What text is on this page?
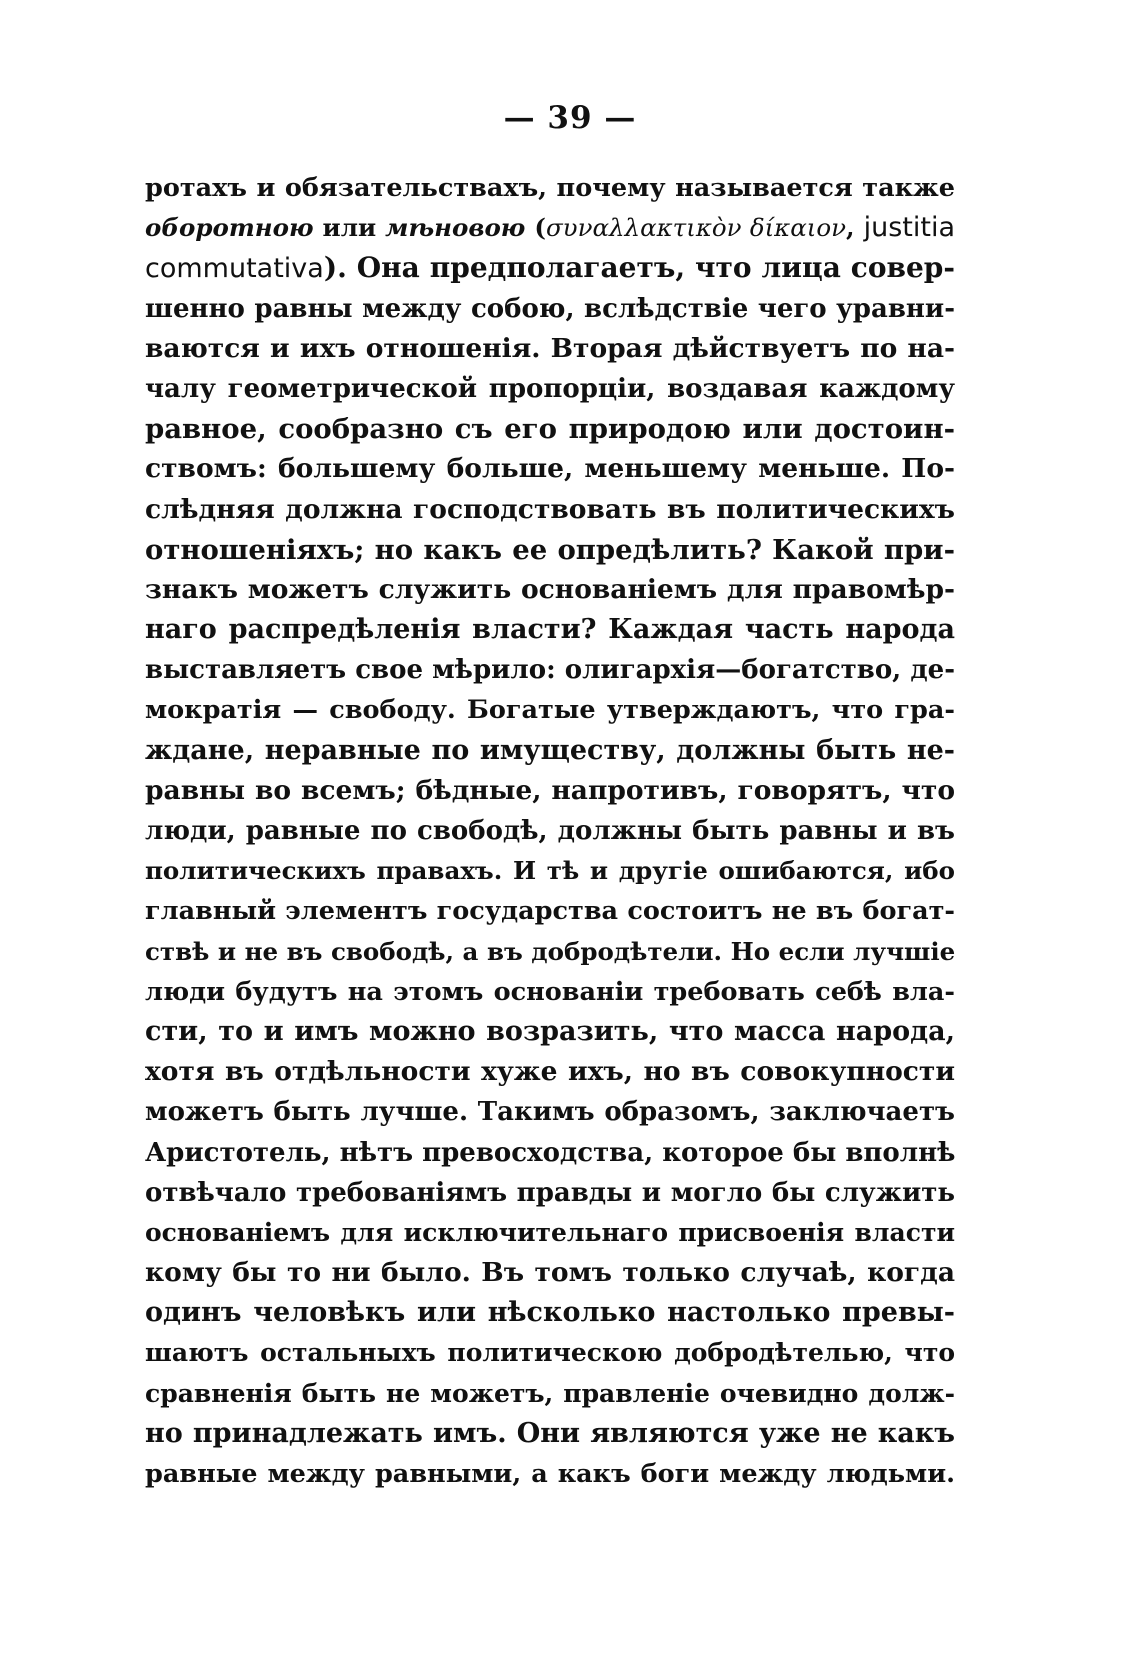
— 39 —
ротахъ и обязательствахъ, почему называется также
оборотною или мѣновою (συναλλακτικὸν δίκαιον, justitia
commutativa). Она предполагаетъ, что лица совер-
шенно равны между собою, вслѣдствіе чего уравни-
ваются и ихъ отношенія. Вторая дѣйствуетъ по на-
чалу геометрической пропорціи, воздавая каждому
равное, сообразно съ его природою или достоин-
ствомъ: большему больше, меньшему меньше. По-
слѣдняя должна господствовать въ политическихъ
отношеніяхъ; но какъ ее опредѣлить? Какой при-
знакъ можетъ служить основаніемъ для правомѣр-
наго распредѣленія власти? Каждая часть народа
выставляетъ свое мѣрило: олигархія—богатство, де-
мократія — свободу. Богатые утверждаютъ, что гра-
ждане, неравные по имуществу, должны быть не-
равны во всемъ; бѣдные, напротивъ, говорятъ, что
люди, равные по свободѣ, должны быть равны и въ
политическихъ правахъ. И тѣ и другіе ошибаются, ибо
главный элементъ государства состоитъ не въ богат-
ствѣ и не въ свободѣ, а въ добродѣтели. Но если лучшіе
люди будутъ на этомъ основаніи требовать себѣ вла-
сти, то и имъ можно возразить, что масса народа,
хотя въ отдѣльности хуже ихъ, но въ совокупности
можетъ быть лучше. Такимъ образомъ, заключаетъ
Аристотель, нѣтъ превосходства, которое бы вполнѣ
отвѣчало требованіямъ правды и могло бы служить
основаніемъ для исключительнаго присвоенія власти
кому бы то ни было. Въ томъ только случаѣ, когда
одинъ человѣкъ или нѣсколько настолько превы-
шаютъ остальныхъ политическою добродѣтелью, что
сравненія быть не можетъ, правленіе очевидно долж-
но принадлежать имъ. Они являются уже не какъ
равные между равными, а какъ боги между людьми.
